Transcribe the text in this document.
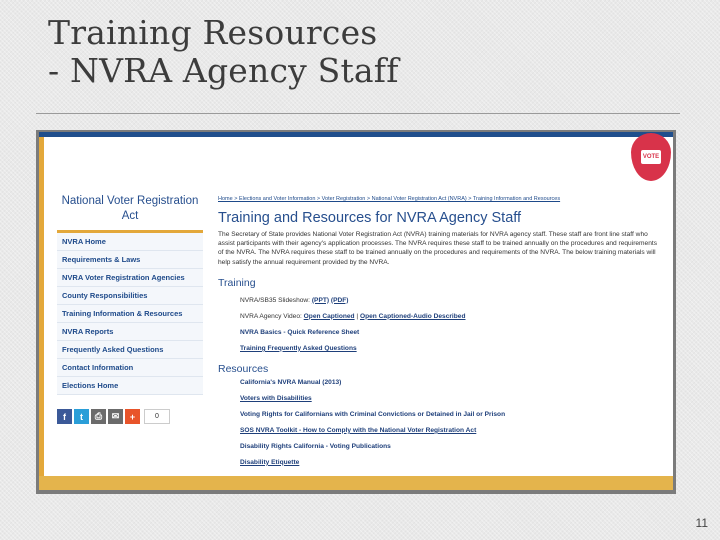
Training Resources
- NVRA Agency Staff
VOTE
National Voter Registration Act
NVRA Home
Requirements & Laws
NVRA Voter Registration Agencies
County Responsibilities
Training Information & Resources
NVRA Reports
Frequently Asked Questions
Contact Information
Elections Home
f	t	⎙	✉	+	0
Home > Elections and Voter Information > Voter Registration > National Voter Registration Act (NVRA) > Training Information and Resources
Training and Resources for NVRA Agency Staff
The Secretary of State provides National Voter Registration Act (NVRA) training materials for NVRA agency staff. These staff are front line staff who assist participants with their agency's application processes. The NVRA requires these staff to be trained annually on the procedures and requirements of the NVRA. The NVRA requires these staff to be trained annually on the procedures and requirements of the NVRA. The below training materials will help satisfy the annual requirement provided by the NVRA.
Training
NVRA/SB35 Slideshow: (PPT) (PDF)
NVRA Agency Video: Open Captioned | Open Captioned-Audio Described
NVRA Basics - Quick Reference Sheet
Training Frequently Asked Questions
Resources
California's NVRA Manual (2013)
Voters with Disabilities
Voting Rights for Californians with Criminal Convictions or Detained in Jail or Prison
SOS NVRA Toolkit - How to Comply with the National Voter Registration Act
Disability Rights California - Voting Publications
Disability Etiquette
11
